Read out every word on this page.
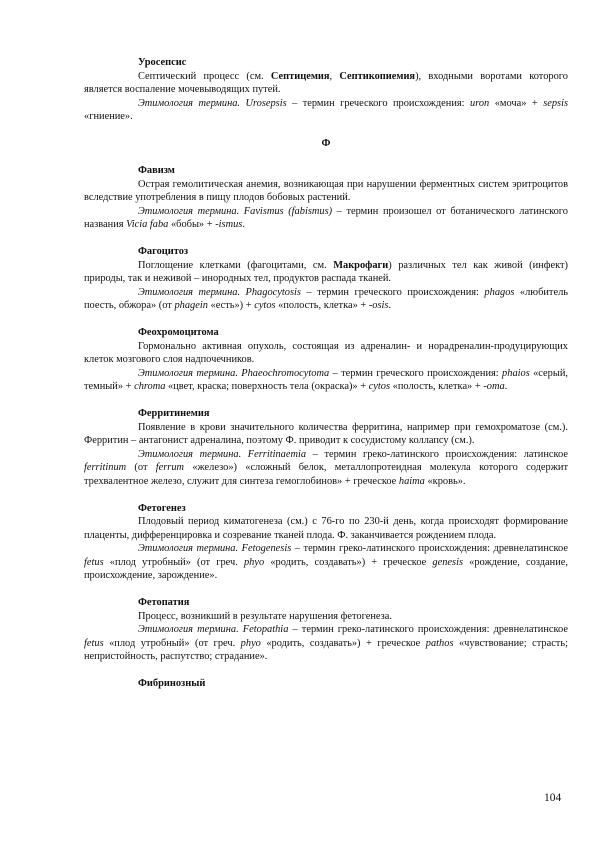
Уросепсис

Септический процесс (см. Септицемия, Септикопиемия), входными воротами которого является воспаление мочевыводящих путей.

Этимология термина. Urosepsis – термин греческого происхождения: uron «моча» + sepsis «гниение».

Ф
Фавизм

Острая гемолитическая анемия, возникающая при нарушении ферментных систем эритроцитов вследствие употребления в пищу плодов бобовых растений.

Этимология термина. Favismus (fabismus) – термин произошел от ботанического латинского названия Vicia faba «бобы» + -ismus.

Фагоцитоз

Поглощение клетками (фагоцитами, см. Макрофаги) различных тел как живой (инфект) природы, так и неживой – инородных тел, продуктов распада тканей.

Этимология термина. Phagocytosis – термин греческого происхождения: phagos «любитель поесть, обжора» (от phagein «есть») + cytos «полость, клетка» + -osis.

Феохромоцитома

Гормонально активная опухоль, состоящая из адреналин- и норадреналин-продуцирующих клеток мозгового слоя надпочечников.

Этимология термина. Phaeochromocytoma – термин греческого происхождения: phaios «серый, темный» + chroma «цвет, краска; поверхность тела (окраска)» + cytos «полость, клетка» + -oma.

Ферритинемия

Появление в крови значительного количества ферритина, например при гемохроматозе (см.). Ферритин – антагонист адреналина, поэтому Ф. приводит к сосудистому коллапсу (см.).

Этимология термина. Ferritinaemia – термин греко-латинского происхождения: латинское ferritinum (от ferrum «железо») «сложный белок, металлопротеидная молекула которого содержит трехвалентное железо, служит для синтеза гемоглобинов» + греческое haima «кровь».

Фетогенез

Плодовый период киматогенеза (см.) с 76-го по 230-й день, когда происходят формирование плаценты, дифференцировка и созревание тканей плода. Ф. заканчивается рождением плода.

Этимология термина. Fetogenesis – термин греко-латинского происхождения: древнелатинское fetus «плод утробный» (от греч. phyo «родить, создавать») + греческое genesis «рождение, создание, происхождение, зарождение».

Фетопатия

Процесс, возникший в результате нарушения фетогенеза.

Этимология термина. Fetopathia – термин греко-латинского происхождения: древнелатинское fetus «плод утробный» (от греч. phyo «родить, создавать») + греческое pathos «чувствование; страсть; непристойность, распутство; страдание».

Фибринозный
104
